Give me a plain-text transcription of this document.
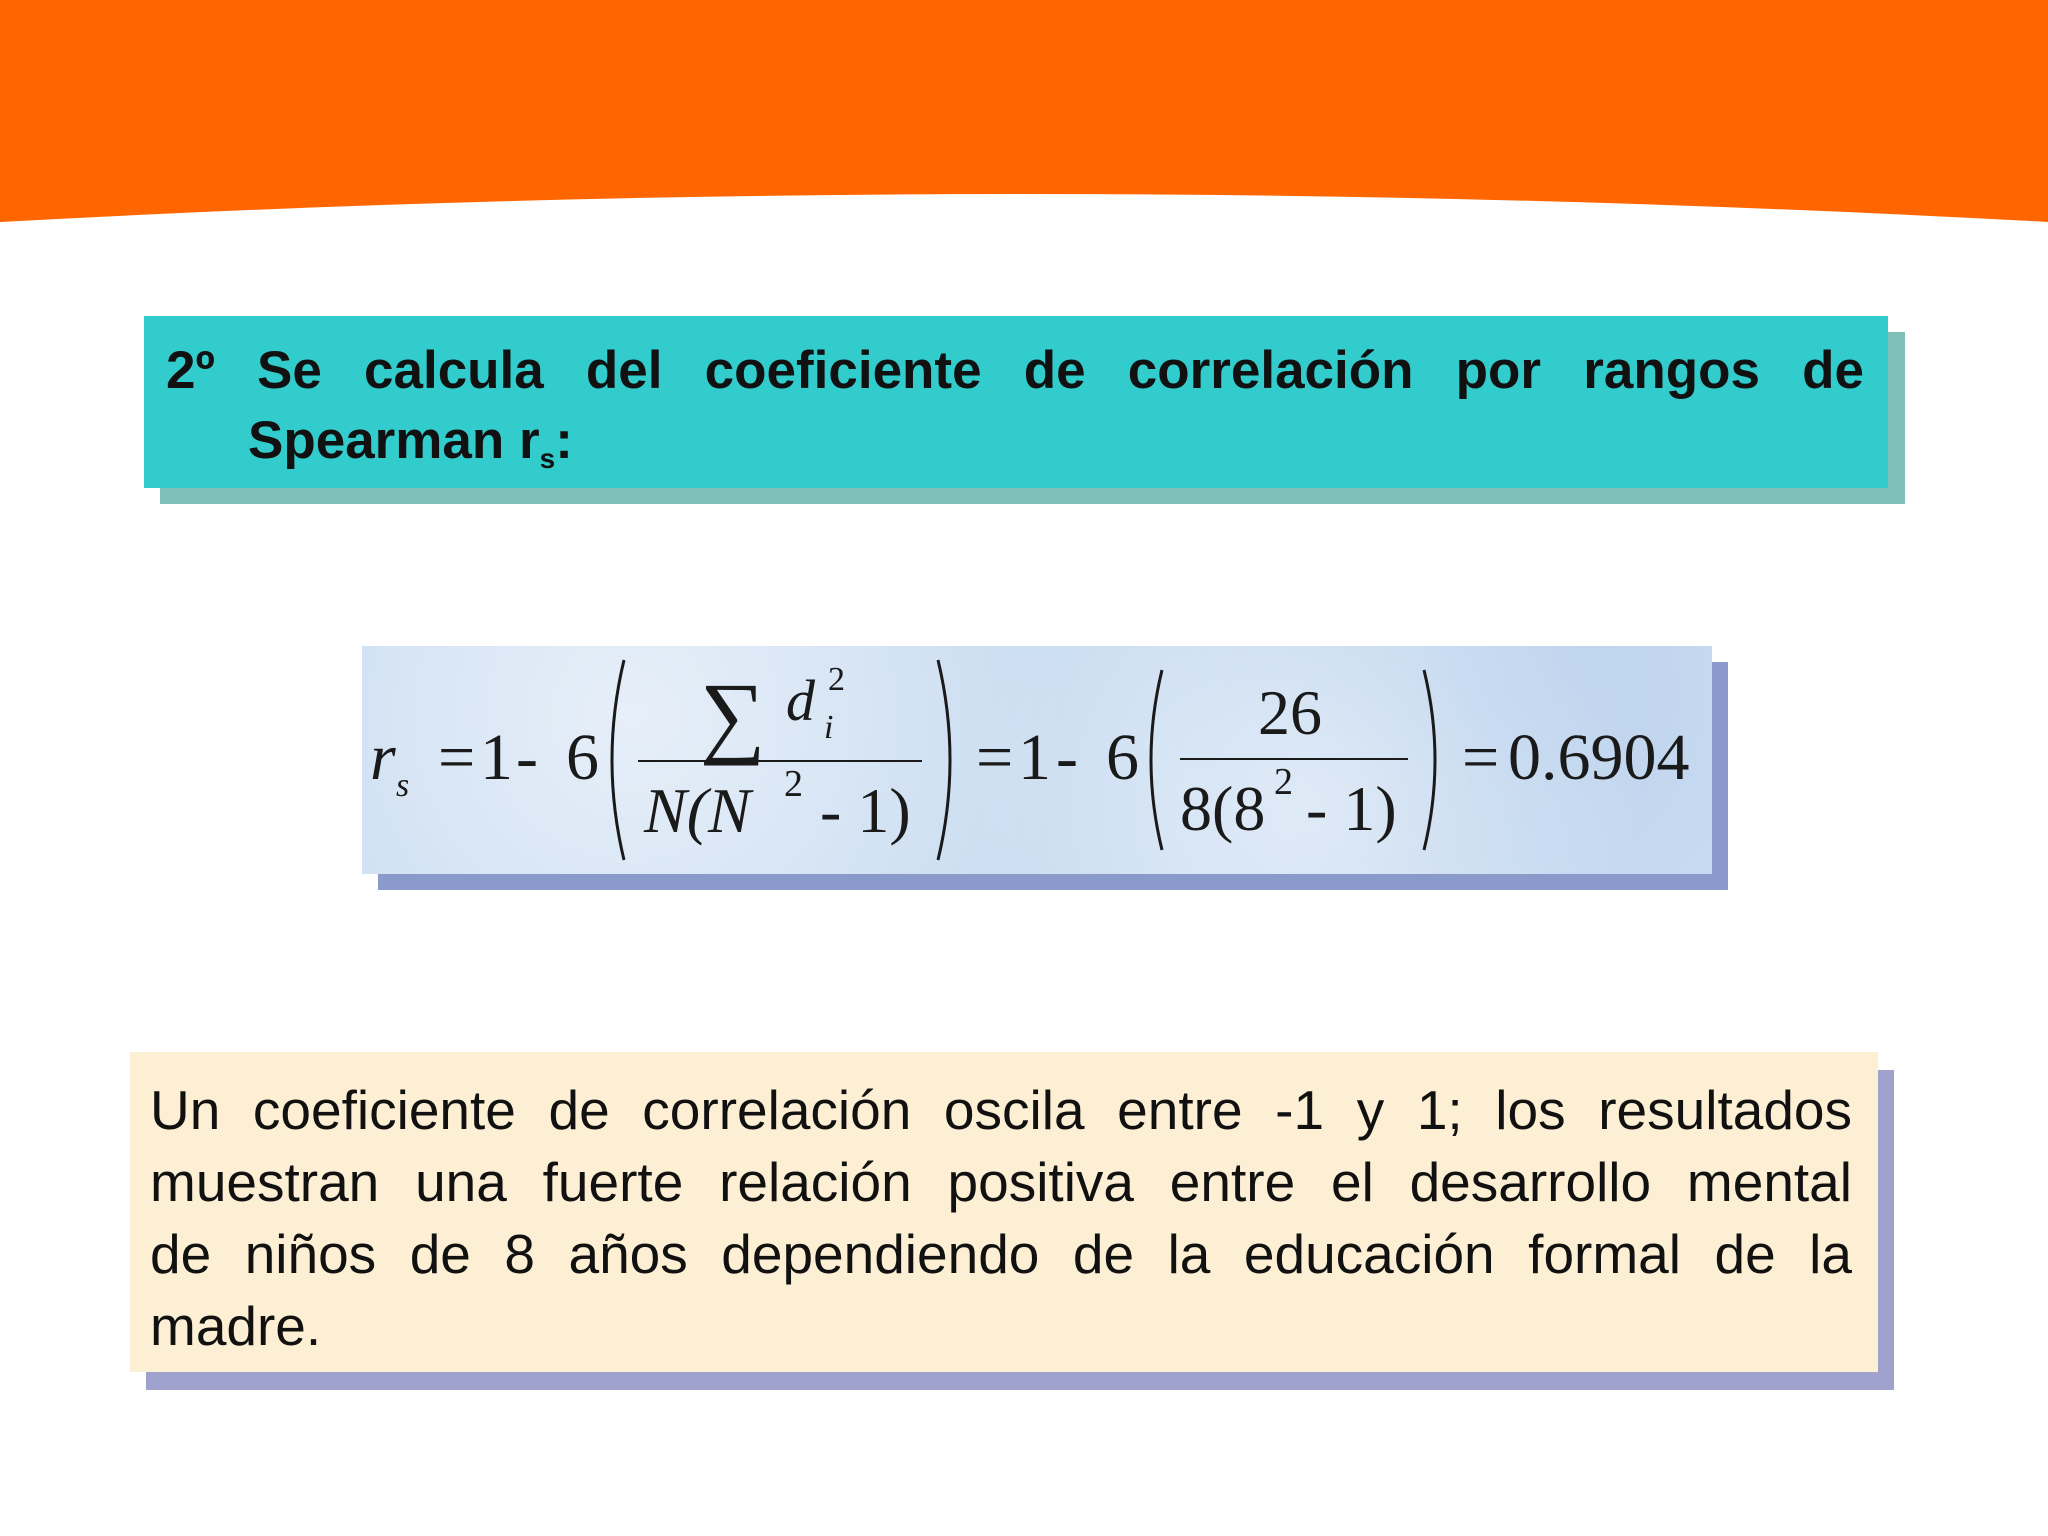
2º Se calcula del coeficiente de correlación por rangos de
Spearman $r_s$:
r s = 1 - 6 ∑ d 2
i
N(N 2 - 1)
= 1 - 6
26
8(8 2 - 1)
= 0.6904
Un coeficiente de correlación oscila entre -1 y 1; los resultados
muestran una fuerte relación positiva entre el desarrollo mental
de niños de 8 años dependiendo de la educación formal de la
madre.
